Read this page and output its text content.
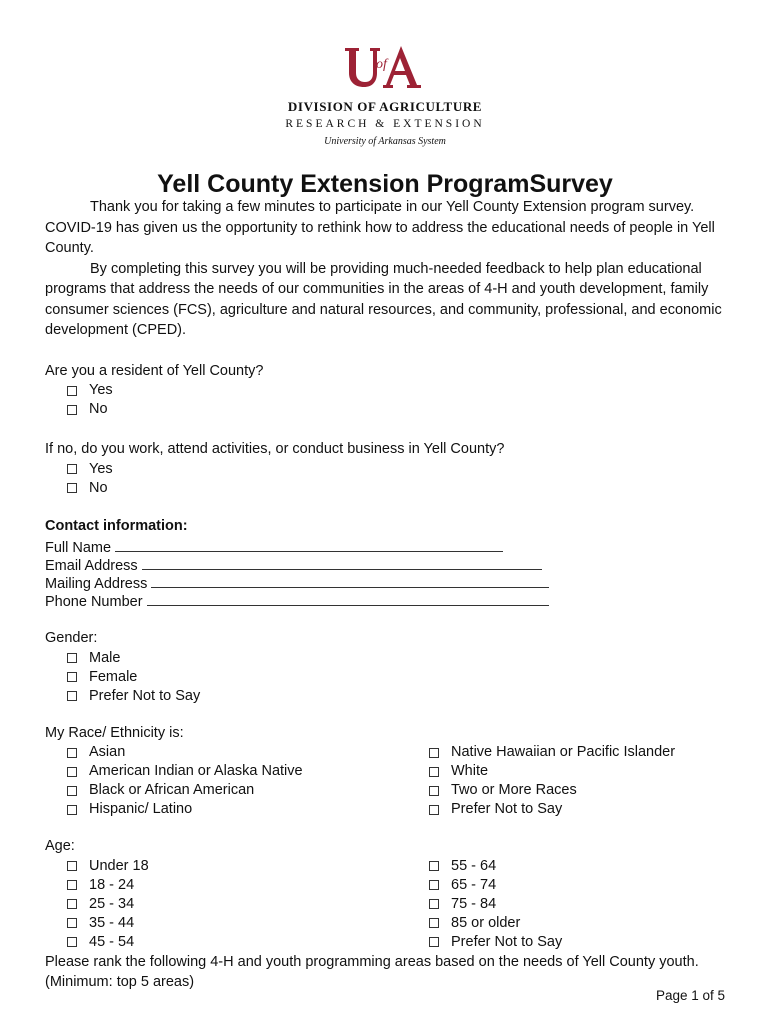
of
DIVISION OF AGRICULTURE
RESEARCH & EXTENSION
University of Arkansas System
Yell County Extension ProgramSurvey

Thank you for taking a few minutes to participate in our Yell County Extension program survey. COVID-19 has given us the opportunity to rethink how to address the educational needs of people in Yell County.

By completing this survey you will be providing much-needed feedback to help plan educational programs that address the needs of our communities in the areas of 4-H and youth development, family consumer sciences (FCS), agriculture and natural resources, and community, professional, and economic development (CPED).

Are you a resident of Yell County?

Yes
No

If no, do you work, attend activities, or conduct business in Yell County?

Yes
No

Contact information:

Full Name
Email Address
Mailing Address
Phone Number

Gender:

Male
Female
Prefer Not to Say

My Race/ Ethnicity is:

Asian
American Indian or Alaska Native
Black or African American
Hispanic/ Latino
Native Hawaiian or Pacific Islander
White
Two or More Races
Prefer Not to Say

Age:

Under 18
18 - 24
25 - 34
35 - 44
45 - 54
55 - 64
65 - 74
75 - 84
85 or older
Prefer Not to Say

Please rank the following 4-H and youth programming areas based on the needs of Yell County youth. (Minimum: top 5 areas)

Page 1 of 5
